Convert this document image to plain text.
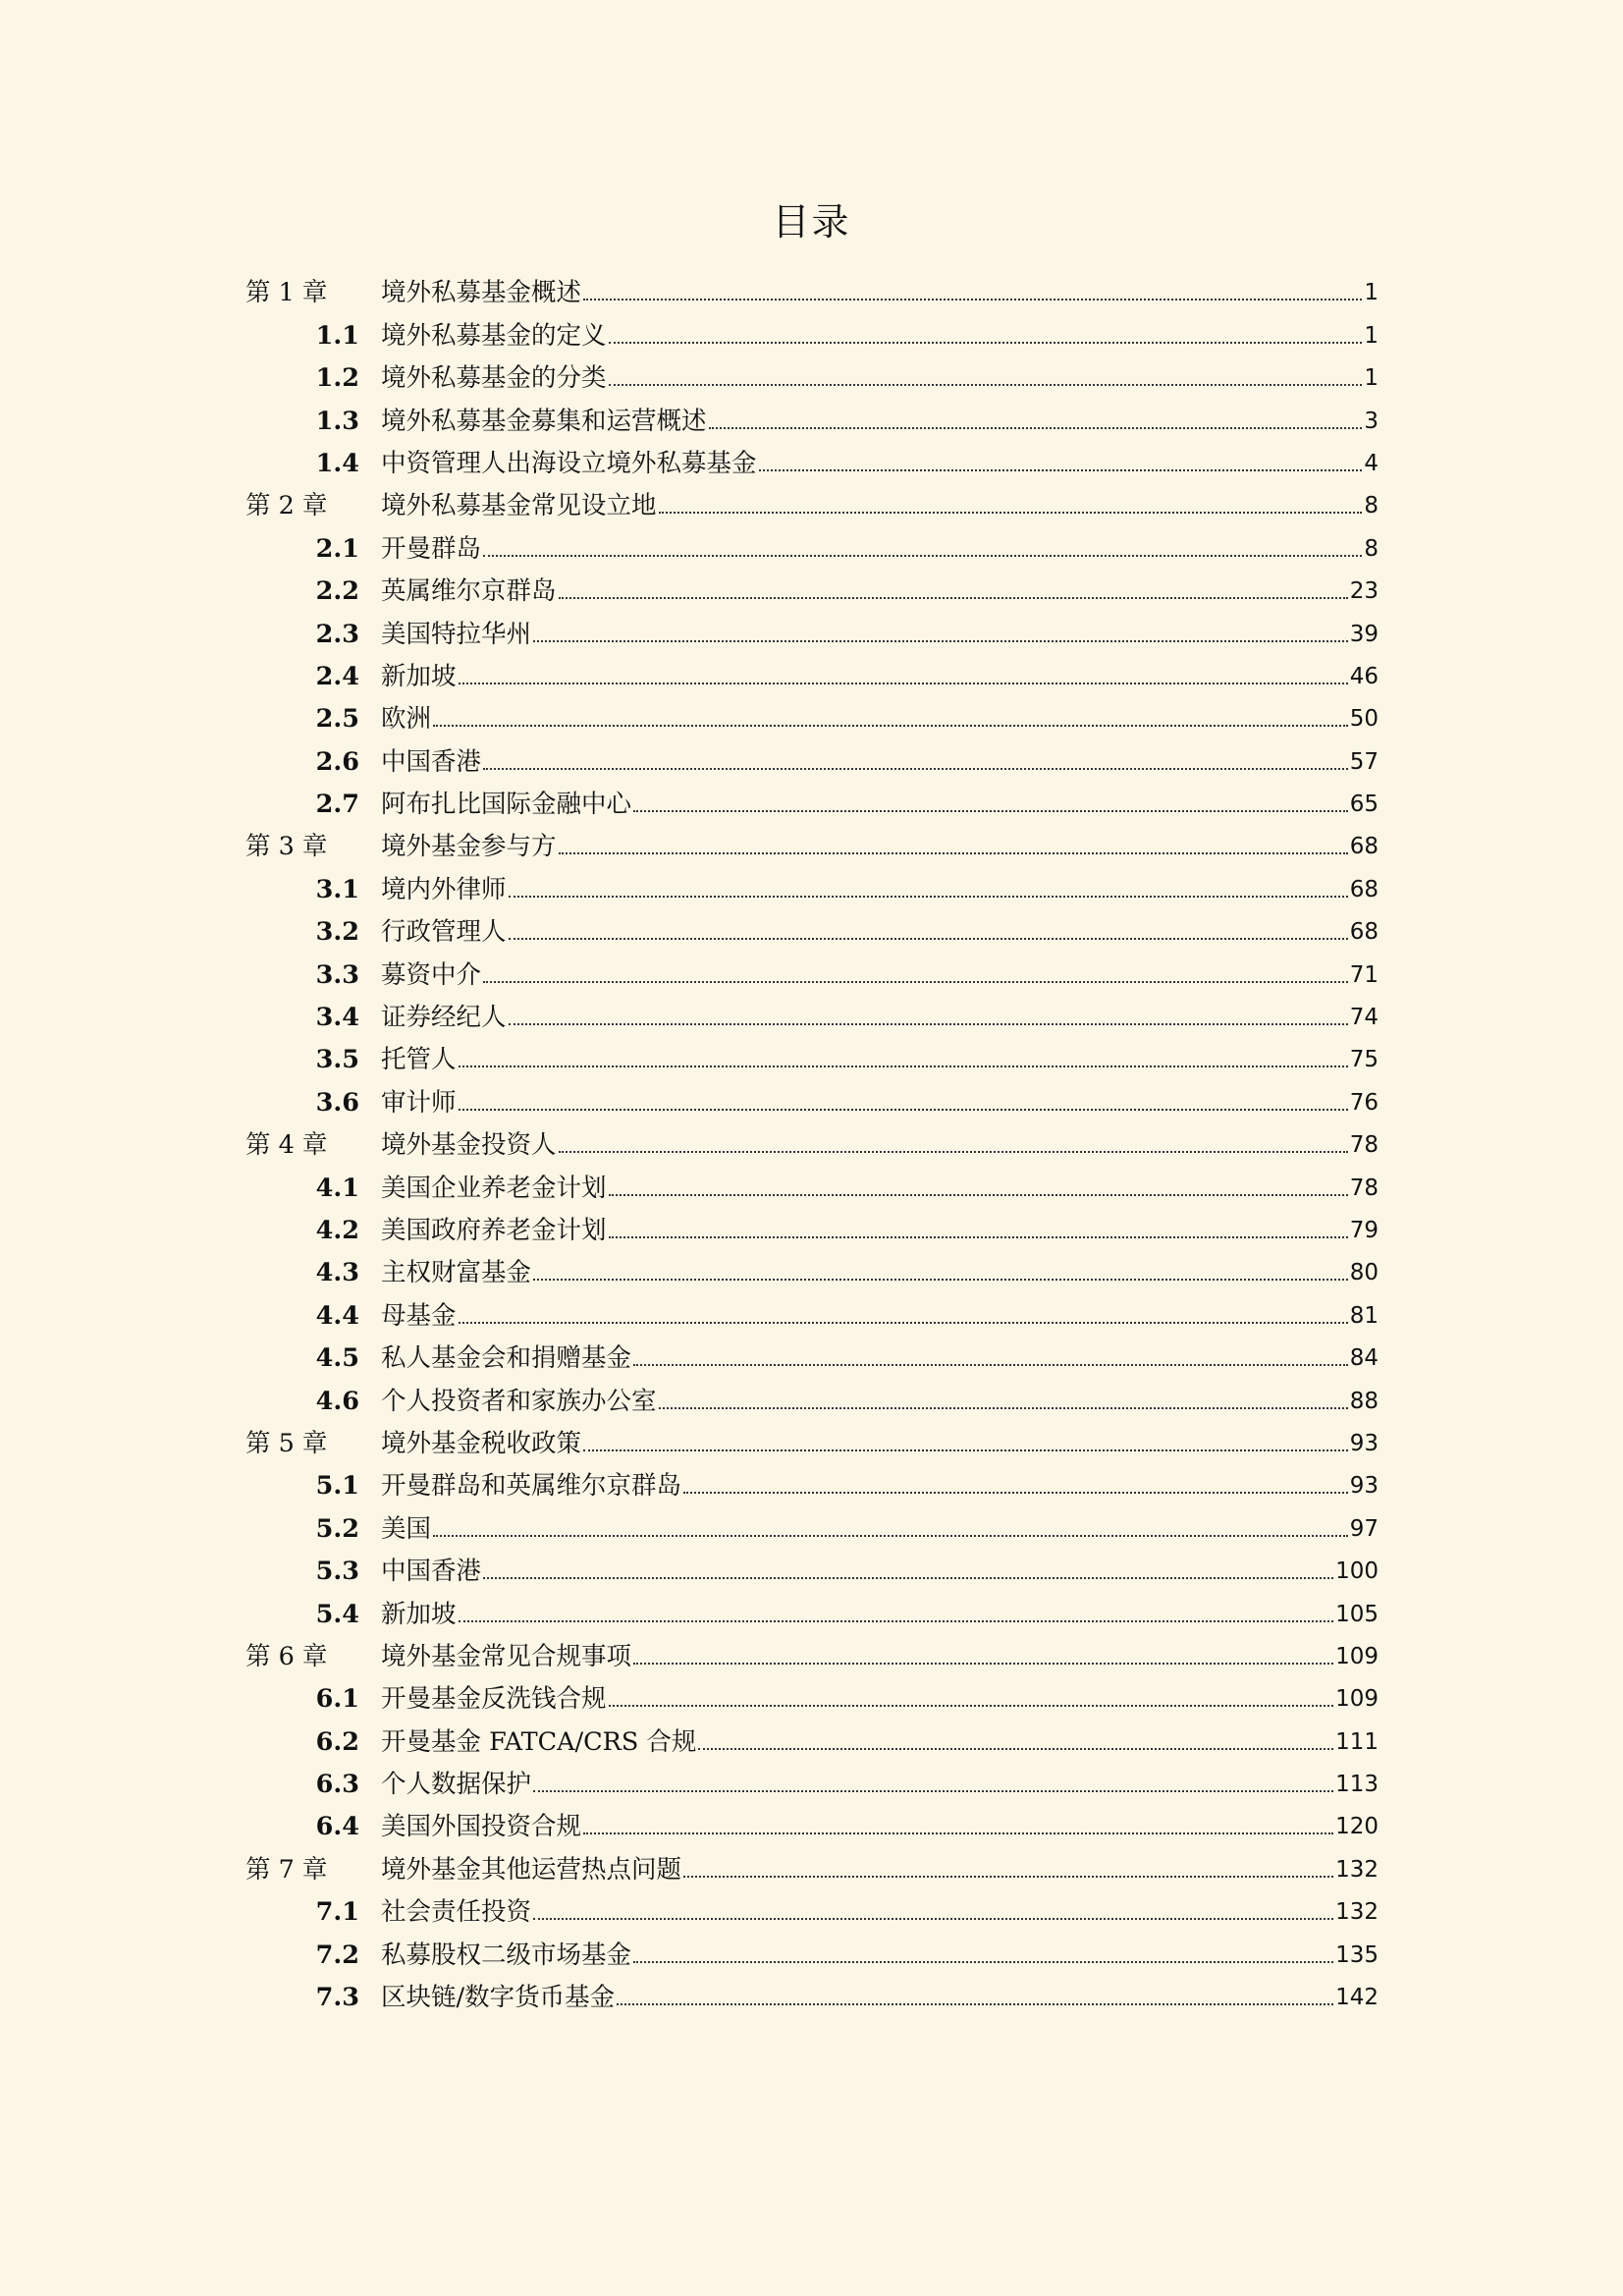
目录
第 1 章	境外私募基金概述	1
1.1 境外私募基金的定义	1
1.2 境外私募基金的分类	1
1.3 境外私募基金募集和运营概述	3
1.4 中资管理人出海设立境外私募基金	4
第 2 章	境外私募基金常见设立地	8
2.1 开曼群岛	8
2.2 英属维尔京群岛	23
2.3 美国特拉华州	39
2.4 新加坡	46
2.5 欧洲	50
2.6 中国香港	57
2.7 阿布扎比国际金融中心	65
第 3 章	境外基金参与方	68
3.1 境内外律师	68
3.2 行政管理人	68
3.3 募资中介	71
3.4 证券经纪人	74
3.5 托管人	75
3.6 审计师	76
第 4 章	境外基金投资人	78
4.1 美国企业养老金计划	78
4.2 美国政府养老金计划	79
4.3 主权财富基金	80
4.4 母基金	81
4.5 私人基金会和捐赠基金	84
4.6 个人投资者和家族办公室	88
第 5 章	境外基金税收政策	93
5.1 开曼群岛和英属维尔京群岛	93
5.2 美国	97
5.3 中国香港	100
5.4 新加坡	105
第 6 章	境外基金常见合规事项	109
6.1 开曼基金反洗钱合规	109
6.2 开曼基金 FATCA/CRS 合规	111
6.3 个人数据保护	113
6.4 美国外国投资合规	120
第 7 章	境外基金其他运营热点问题	132
7.1 社会责任投资	132
7.2 私募股权二级市场基金	135
7.3 区块链/数字货币基金	142
